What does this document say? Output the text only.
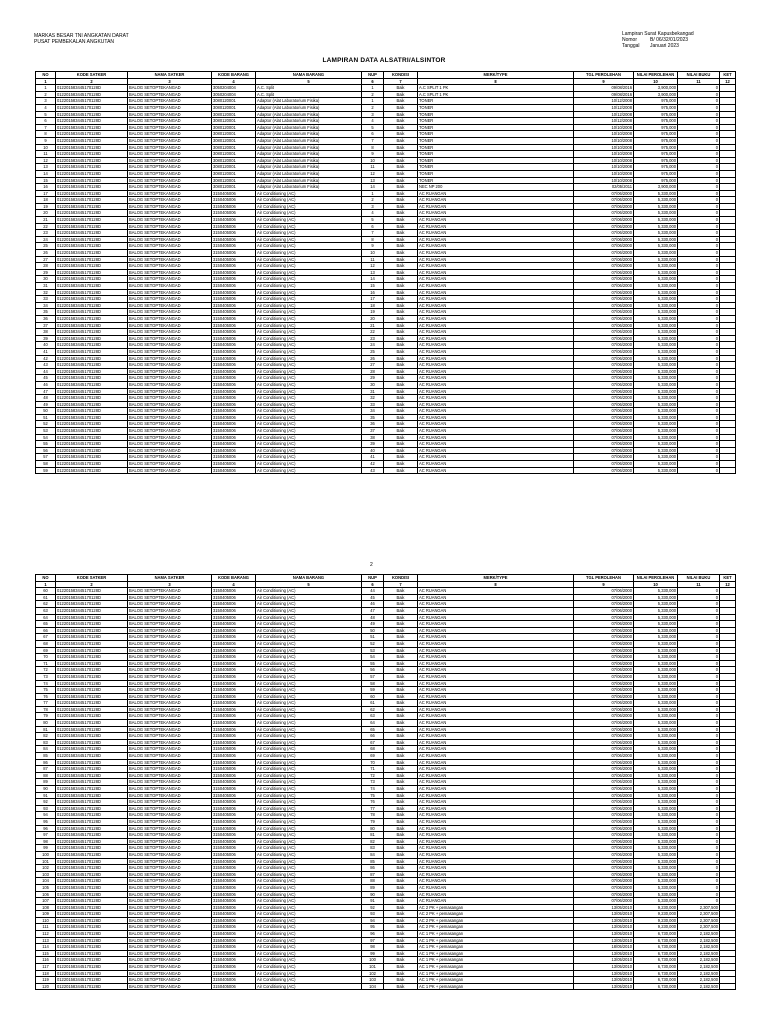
MARKAS BESAR TNI ANGKATAN DARAT
PUSAT PEMBEKALAN ANGKUTAN
Lampiran Surat Kapusbekangad
Nomor	B/ 06/32/01/2023
Tanggal Januari 2023
LAMPIRAN DATA ALSATRI/ALSINTOR
NO	KODE SATKER	NAMA SATKER	KODE BARANG	NAMA BARANG	NUP	KONDISI	MERK/TYPE	TGL PEROLEHAN	NILAI PEROLEHAN	NILAI BUKU	KET
1	2	3	4	5	6	7	8	9	10	11	12
1	012201583445170128D	BALOG SETOPTEKANGAD	3050204004	A.C. Split	1	Baik	A.C SPLIT 1 PK	09/08/2016	3,900,000	0	
2	012201583445170128D	BALOG SETOPTEKANGAD	3050204004	A.C. Split	2	Baik	A.C SPLIT 1 PK	09/08/2016	3,900,000	0	
3	012201583445170128D	BALOG SETOPTEKANGAD	3080120001	Adaptor (Alat Laboratorium Fisika)	1	Baik	TONER	10/12/2008	975,000	0	
4	012201583445170128D	BALOG SETOPTEKANGAD	3080120001	Adaptor (Alat Laboratorium Fisika)	2	Baik	TONER	10/12/2008	975,000	0	
5	012201583445170128D	BALOG SETOPTEKANGAD	3080120001	Adaptor (Alat Laboratorium Fisika)	3	Baik	TONER	10/12/2008	975,000	0	
6	012201583445170128D	BALOG SETOPTEKANGAD	3080120001	Adaptor (Alat Laboratorium Fisika)	4	Baik	TONER	10/12/2008	975,000	0	
7	012201583445170128D	BALOG SETOPTEKANGAD	3080120001	Adaptor (Alat Laboratorium Fisika)	5	Baik	TONER	10/10/2008	975,000	0	
8	012201583445170128D	BALOG SETOPTEKANGAD	3080120001	Adaptor (Alat Laboratorium Fisika)	6	Baik	TONER	10/10/2008	975,000	0	
9	012201583445170128D	BALOG SETOPTEKANGAD	3080120001	Adaptor (Alat Laboratorium Fisika)	7	Baik	TONER	10/10/2008	975,000	0	
10	012201583445170128D	BALOG SETOPTEKANGAD	3080120001	Adaptor (Alat Laboratorium Fisika)	8	Baik	TONER	10/10/2008	975,000	0	
11	012201583445170128D	BALOG SETOPTEKANGAD	3080120001	Adaptor (Alat Laboratorium Fisika)	9	Baik	TONER	10/10/2008	975,000	0	
12	012201583445170128D	BALOG SETOPTEKANGAD	3080120001	Adaptor (Alat Laboratorium Fisika)	10	Baik	TONER	10/10/2008	975,000	0	
13	012201583445170128D	BALOG SETOPTEKANGAD	3080120001	Adaptor (Alat Laboratorium Fisika)	11	Baik	TONER	10/10/2008	975,000	0	
14	012201583445170128D	BALOG SETOPTEKANGAD	3080120001	Adaptor (Alat Laboratorium Fisika)	12	Baik	TONER	10/10/2008	975,000	0	
15	012201583445170128D	BALOG SETOPTEKANGAD	3080120001	Adaptor (Alat Laboratorium Fisika)	13	Baik	TONER	10/10/2008	975,000	0	
16	012201583445170128D	BALOG SETOPTEKANGAD	3080120001	Adaptor (Alat Laboratorium Fisika)	14	Baik	NEC NP 200	02/05/2011	3,900,000	0	
17	012201583445170128D	BALOG SETOPTEKANGAD	3150405006	Air Conditioning (AC)	1	Baik	AC RUANGAN	07/06/2000	5,330,000	0	
18	012201583445170128D	BALOG SETOPTEKANGAD	3150405006	Air Conditioning (AC)	2	Baik	AC RUANGAN	07/06/2000	5,330,000	0	
19	012201583445170128D	BALOG SETOPTEKANGAD	3150405006	Air Conditioning (AC)	3	Baik	AC RUANGAN	07/06/2000	5,330,000	0	
20	012201583445170128D	BALOG SETOPTEKANGAD	3150405006	Air Conditioning (AC)	4	Baik	AC RUANGAN	07/06/2000	5,330,000	0	
21	012201583445170128D	BALOG SETOPTEKANGAD	3150405006	Air Conditioning (AC)	5	Baik	AC RUANGAN	07/06/2000	5,330,000	0	
22	012201583445170128D	BALOG SETOPTEKANGAD	3150405006	Air Conditioning (AC)	6	Baik	AC RUANGAN	07/06/2000	5,330,000	0	
23	012201583445170128D	BALOG SETOPTEKANGAD	3150405006	Air Conditioning (AC)	7	Baik	AC RUANGAN	07/06/2000	5,330,000	0	
24	012201583445170128D	BALOG SETOPTEKANGAD	3150405006	Air Conditioning (AC)	8	Baik	AC RUANGAN	07/06/2000	5,330,000	0	
25	012201583445170128D	BALOG SETOPTEKANGAD	3150405006	Air Conditioning (AC)	9	Baik	AC RUANGAN	07/06/2000	5,330,000	0	
26	012201583445170128D	BALOG SETOPTEKANGAD	3150405006	Air Conditioning (AC)	10	Baik	AC RUANGAN	07/06/2000	5,330,000	0	
27	012201583445170128D	BALOG SETOPTEKANGAD	3150405006	Air Conditioning (AC)	11	Baik	AC RUANGAN	07/06/2000	5,330,000	0	
28	012201583445170128D	BALOG SETOPTEKANGAD	3150405006	Air Conditioning (AC)	12	Baik	AC RUANGAN	07/06/2000	5,330,000	0	
29	012201583445170128D	BALOG SETOPTEKANGAD	3150405006	Air Conditioning (AC)	13	Baik	AC RUANGAN	07/06/2000	5,330,000	0	
30	012201583445170128D	BALOG SETOPTEKANGAD	3150405006	Air Conditioning (AC)	14	Baik	AC RUANGAN	07/06/2000	5,330,000	0	
31	012201583445170128D	BALOG SETOPTEKANGAD	3150405006	Air Conditioning (AC)	15	Baik	AC RUANGAN	07/06/2000	5,330,000	0	
32	012201583445170128D	BALOG SETOPTEKANGAD	3150405006	Air Conditioning (AC)	16	Baik	AC RUANGAN	07/06/2000	5,330,000	0	
33	012201583445170128D	BALOG SETOPTEKANGAD	3150405006	Air Conditioning (AC)	17	Baik	AC RUANGAN	07/06/2000	5,330,000	0	
34	012201583445170128D	BALOG SETOPTEKANGAD	3150405006	Air Conditioning (AC)	18	Baik	AC RUANGAN	07/06/2000	5,330,000	0	
35	012201583445170128D	BALOG SETOPTEKANGAD	3150405006	Air Conditioning (AC)	19	Baik	AC RUANGAN	07/06/2000	5,330,000	0	
36	012201583445170128D	BALOG SETOPTEKANGAD	3150405006	Air Conditioning (AC)	20	Baik	AC RUANGAN	07/06/2000	5,330,000	0	
37	012201583445170128D	BALOG SETOPTEKANGAD	3150405006	Air Conditioning (AC)	21	Baik	AC RUANGAN	07/06/2000	5,330,000	0	
38	012201583445170128D	BALOG SETOPTEKANGAD	3150405006	Air Conditioning (AC)	22	Baik	AC RUANGAN	07/06/2000	5,330,000	0	
39	012201583445170128D	BALOG SETOPTEKANGAD	3150405006	Air Conditioning (AC)	23	Baik	AC RUANGAN	07/06/2000	5,330,000	0	
40	012201583445170128D	BALOG SETOPTEKANGAD	3150405006	Air Conditioning (AC)	24	Baik	AC RUANGAN	07/06/2000	5,330,000	0	
41	012201583445170128D	BALOG SETOPTEKANGAD	3150405006	Air Conditioning (AC)	25	Baik	AC RUANGAN	07/06/2000	5,330,000	0	
42	012201583445170128D	BALOG SETOPTEKANGAD	3150405006	Air Conditioning (AC)	26	Baik	AC RUANGAN	07/06/2000	5,330,000	0	
43	012201583445170128D	BALOG SETOPTEKANGAD	3150405006	Air Conditioning (AC)	27	Baik	AC RUANGAN	07/06/2000	5,330,000	0	
44	012201583445170128D	BALOG SETOPTEKANGAD	3150405006	Air Conditioning (AC)	28	Baik	AC RUANGAN	07/06/2000	5,330,000	0	
45	012201583445170128D	BALOG SETOPTEKANGAD	3150405006	Air Conditioning (AC)	29	Baik	AC RUANGAN	07/06/2000	5,330,000	0	
46	012201583445170128D	BALOG SETOPTEKANGAD	3150405006	Air Conditioning (AC)	30	Baik	AC RUANGAN	07/06/2000	5,330,000	0	
47	012201583445170128D	BALOG SETOPTEKANGAD	3150405006	Air Conditioning (AC)	31	Baik	AC RUANGAN	07/06/2000	5,330,000	0	
48	012201583445170128D	BALOG SETOPTEKANGAD	3150405006	Air Conditioning (AC)	32	Baik	AC RUANGAN	07/06/2000	5,330,000	0	
49	012201583445170128D	BALOG SETOPTEKANGAD	3150405006	Air Conditioning (AC)	33	Baik	AC RUANGAN	07/06/2000	5,330,000	0	
50	012201583445170128D	BALOG SETOPTEKANGAD	3150405006	Air Conditioning (AC)	34	Baik	AC RUANGAN	07/06/2000	5,330,000	0	
51	012201583445170128D	BALOG SETOPTEKANGAD	3150405006	Air Conditioning (AC)	35	Baik	AC RUANGAN	07/06/2000	5,330,000	0	
52	012201583445170128D	BALOG SETOPTEKANGAD	3150405006	Air Conditioning (AC)	36	Baik	AC RUANGAN	07/06/2000	5,330,000	0	
53	012201583445170128D	BALOG SETOPTEKANGAD	3150405006	Air Conditioning (AC)	37	Baik	AC RUANGAN	07/06/2000	5,330,000	0	
54	012201583445170128D	BALOG SETOPTEKANGAD	3150405006	Air Conditioning (AC)	38	Baik	AC RUANGAN	07/06/2000	5,330,000	0	
55	012201583445170128D	BALOG SETOPTEKANGAD	3150405006	Air Conditioning (AC)	39	Baik	AC RUANGAN	07/06/2000	5,330,000	0	
56	012201583445170128D	BALOG SETOPTEKANGAD	3150405006	Air Conditioning (AC)	40	Baik	AC RUANGAN	07/06/2000	5,330,000	0	
57	012201583445170128D	BALOG SETOPTEKANGAD	3150405006	Air Conditioning (AC)	41	Baik	AC RUANGAN	07/06/2000	5,330,000	0	
58	012201583445170128D	BALOG SETOPTEKANGAD	3150405006	Air Conditioning (AC)	42	Baik	AC RUANGAN	07/06/2000	5,330,000	0	
59	012201583445170128D	BALOG SETOPTEKANGAD	3150405006	Air Conditioning (AC)	43	Baik	AC RUANGAN	07/06/2000	5,330,000	0	
2
NO	KODE SATKER	NAMA SATKER	KODE BARANG	NAMA BARANG	NUP	KONDISI	MERK/TYPE	TGL PEROLEHAN	NILAI PEROLEHAN	NILAI BUKU	KET
1	2	3	4	5	6	7	8	9	10	11	12
60	012201583445170128D	BALOG SETOPTEKANGAD	3150405006	Air Conditioning (AC)	44	Baik	AC RUANGAN	07/06/2000	5,330,000	0	
61	012201583445170128D	BALOG SETOPTEKANGAD	3150405006	Air Conditioning (AC)	45	Baik	AC RUANGAN	07/06/2000	5,330,000	0	
62	012201583445170128D	BALOG SETOPTEKANGAD	3150405006	Air Conditioning (AC)	46	Baik	AC RUANGAN	07/06/2000	5,330,000	0	
63	012201583445170128D	BALOG SETOPTEKANGAD	3150405006	Air Conditioning (AC)	47	Baik	AC RUANGAN	07/06/2000	5,330,000	0	
64	012201583445170128D	BALOG SETOPTEKANGAD	3150405006	Air Conditioning (AC)	48	Baik	AC RUANGAN	07/06/2000	5,330,000	0	
65	012201583445170128D	BALOG SETOPTEKANGAD	3150405006	Air Conditioning (AC)	49	Baik	AC RUANGAN	07/06/2000	5,330,000	0	
66	012201583445170128D	BALOG SETOPTEKANGAD	3150405006	Air Conditioning (AC)	50	Baik	AC RUANGAN	07/06/2000	5,330,000	0	
67	012201583445170128D	BALOG SETOPTEKANGAD	3150405006	Air Conditioning (AC)	51	Baik	AC RUANGAN	07/06/2000	5,330,000	0	
68	012201583445170128D	BALOG SETOPTEKANGAD	3150405006	Air Conditioning (AC)	52	Baik	AC RUANGAN	07/06/2000	5,330,000	0	
69	012201583445170128D	BALOG SETOPTEKANGAD	3150405006	Air Conditioning (AC)	53	Baik	AC RUANGAN	07/06/2000	5,330,000	0	
70	012201583445170128D	BALOG SETOPTEKANGAD	3150405006	Air Conditioning (AC)	54	Baik	AC RUANGAN	07/06/2000	5,330,000	0	
71	012201583445170128D	BALOG SETOPTEKANGAD	3150405006	Air Conditioning (AC)	55	Baik	AC RUANGAN	07/06/2000	5,330,000	0	
72	012201583445170128D	BALOG SETOPTEKANGAD	3150405006	Air Conditioning (AC)	56	Baik	AC RUANGAN	07/06/2000	5,330,000	0	
73	012201583445170128D	BALOG SETOPTEKANGAD	3150405006	Air Conditioning (AC)	57	Baik	AC RUANGAN	07/06/2000	5,330,000	0	
74	012201583445170128D	BALOG SETOPTEKANGAD	3150405006	Air Conditioning (AC)	58	Baik	AC RUANGAN	07/06/2000	5,330,000	0	
75	012201583445170128D	BALOG SETOPTEKANGAD	3150405006	Air Conditioning (AC)	59	Baik	AC RUANGAN	07/06/2000	5,330,000	0	
76	012201583445170128D	BALOG SETOPTEKANGAD	3150405006	Air Conditioning (AC)	60	Baik	AC RUANGAN	07/06/2000	5,330,000	0	
77	012201583445170128D	BALOG SETOPTEKANGAD	3150405006	Air Conditioning (AC)	61	Baik	AC RUANGAN	07/06/2000	5,330,000	0	
78	012201583445170128D	BALOG SETOPTEKANGAD	3150405006	Air Conditioning (AC)	62	Baik	AC RUANGAN	07/06/2000	5,330,000	0	
79	012201583445170128D	BALOG SETOPTEKANGAD	3150405006	Air Conditioning (AC)	63	Baik	AC RUANGAN	07/06/2000	5,330,000	0	
80	012201583445170128D	BALOG SETOPTEKANGAD	3150405006	Air Conditioning (AC)	64	Baik	AC RUANGAN	07/06/2000	5,330,000	0	
81	012201583445170128D	BALOG SETOPTEKANGAD	3150405006	Air Conditioning (AC)	65	Baik	AC RUANGAN	07/06/2000	5,330,000	0	
82	012201583445170128D	BALOG SETOPTEKANGAD	3150405006	Air Conditioning (AC)	66	Baik	AC RUANGAN	07/06/2000	5,330,000	0	
83	012201583445170128D	BALOG SETOPTEKANGAD	3150405006	Air Conditioning (AC)	67	Baik	AC RUANGAN	07/06/2000	5,330,000	0	
84	012201583445170128D	BALOG SETOPTEKANGAD	3150405006	Air Conditioning (AC)	68	Baik	AC RUANGAN	07/06/2000	5,330,000	0	
85	012201583445170128D	BALOG SETOPTEKANGAD	3150405006	Air Conditioning (AC)	69	Baik	AC RUANGAN	07/06/2000	5,330,000	0	
86	012201583445170128D	BALOG SETOPTEKANGAD	3150405006	Air Conditioning (AC)	70	Baik	AC RUANGAN	07/06/2000	5,330,000	0	
87	012201583445170128D	BALOG SETOPTEKANGAD	3150405006	Air Conditioning (AC)	71	Baik	AC RUANGAN	07/06/2000	5,330,000	0	
88	012201583445170128D	BALOG SETOPTEKANGAD	3150405006	Air Conditioning (AC)	72	Baik	AC RUANGAN	07/06/2000	5,330,000	0	
89	012201583445170128D	BALOG SETOPTEKANGAD	3150405006	Air Conditioning (AC)	73	Baik	AC RUANGAN	07/06/2000	5,330,000	0	
90	012201583445170128D	BALOG SETOPTEKANGAD	3150405006	Air Conditioning (AC)	74	Baik	AC RUANGAN	07/06/2000	5,330,000	0	
91	012201583445170128D	BALOG SETOPTEKANGAD	3150405006	Air Conditioning (AC)	75	Baik	AC RUANGAN	07/06/2000	5,330,000	0	
92	012201583445170128D	BALOG SETOPTEKANGAD	3150405006	Air Conditioning (AC)	76	Baik	AC RUANGAN	07/06/2000	5,330,000	0	
93	012201583445170128D	BALOG SETOPTEKANGAD	3150405006	Air Conditioning (AC)	77	Baik	AC RUANGAN	07/06/2000	5,330,000	0	
94	012201583445170128D	BALOG SETOPTEKANGAD	3150405006	Air Conditioning (AC)	78	Baik	AC RUANGAN	07/06/2000	5,330,000	0	
95	012201583445170128D	BALOG SETOPTEKANGAD	3150405006	Air Conditioning (AC)	79	Baik	AC RUANGAN	07/06/2000	5,330,000	0	
96	012201583445170128D	BALOG SETOPTEKANGAD	3150405006	Air Conditioning (AC)	80	Baik	AC RUANGAN	07/06/2000	5,330,000	0	
97	012201583445170128D	BALOG SETOPTEKANGAD	3150405006	Air Conditioning (AC)	81	Baik	AC RUANGAN	07/06/2000	5,330,000	0	
98	012201583445170128D	BALOG SETOPTEKANGAD	3150405006	Air Conditioning (AC)	82	Baik	AC RUANGAN	07/06/2000	5,330,000	0	
99	012201583445170128D	BALOG SETOPTEKANGAD	3150405006	Air Conditioning (AC)	83	Baik	AC RUANGAN	07/06/2000	5,330,000	0	
100	012201583445170128D	BALOG SETOPTEKANGAD	3150405006	Air Conditioning (AC)	84	Baik	AC RUANGAN	07/06/2000	5,330,000	0	
101	012201583445170128D	BALOG SETOPTEKANGAD	3150405006	Air Conditioning (AC)	85	Baik	AC RUANGAN	07/06/2000	5,330,000	0	
102	012201583445170128D	BALOG SETOPTEKANGAD	3150405006	Air Conditioning (AC)	86	Baik	AC RUANGAN	07/06/2000	5,330,000	0	
103	012201583445170128D	BALOG SETOPTEKANGAD	3150405006	Air Conditioning (AC)	87	Baik	AC RUANGAN	07/06/2000	5,330,000	0	
104	012201583445170128D	BALOG SETOPTEKANGAD	3150405006	Air Conditioning (AC)	88	Baik	AC RUANGAN	07/06/2000	5,330,000	0	
105	012201583445170128D	BALOG SETOPTEKANGAD	3150405006	Air Conditioning (AC)	89	Baik	AC RUANGAN	07/06/2000	5,330,000	0	
106	012201583445170128D	BALOG SETOPTEKANGAD	3150405006	Air Conditioning (AC)	90	Baik	AC RUANGAN	07/06/2000	5,330,000	0	
107	012201583445170128D	BALOG SETOPTEKANGAD	3150405006	Air Conditioning (AC)	91	Baik	AC RUANGAN	07/06/2000	5,330,000	0	
108	012201583445170128D	BALOG SETOPTEKANGAD	3150405006	Air Conditioning (AC)	92	Baik	AC 2 PK + pemasangan	13/05/2010	9,230,000	2,307,500	
109	012201583445170128D	BALOG SETOPTEKANGAD	3150405006	Air Conditioning (AC)	93	Baik	AC 2 PK + pemasangan	13/05/2010	9,230,000	2,307,500	
110	012201583445170128D	BALOG SETOPTEKANGAD	3150405006	Air Conditioning (AC)	94	Baik	AC 2 PK + pemasangan	13/05/2010	9,230,000	2,307,500	
111	012201583445170128D	BALOG SETOPTEKANGAD	3150405006	Air Conditioning (AC)	95	Baik	AC 2 PK + pemasangan	13/05/2010	9,230,000	2,307,500	
112	012201583445170128D	BALOG SETOPTEKANGAD	3150405006	Air Conditioning (AC)	96	Baik	AC 1 PK + pemasangan	13/05/2010	6,730,000	2,182,500	
113	012201583445170128D	BALOG SETOPTEKANGAD	3150405006	Air Conditioning (AC)	97	Baik	AC 1 PK + pemasangan	13/05/2010	6,730,000	2,182,500	
114	012201583445170128D	BALOG SETOPTEKANGAD	3150405006	Air Conditioning (AC)	98	Baik	AC 1 PK + pemasangan	18/05/2010	6,730,000	2,182,500	
115	012201583445170128D	BALOG SETOPTEKANGAD	3150405006	Air Conditioning (AC)	99	Baik	AC 1 PK + pemasangan	13/05/2010	6,730,000	2,182,500	
116	012201583445170128D	BALOG SETOPTEKANGAD	3150405006	Air Conditioning (AC)	100	Baik	AC 1 PK + pemasangan	13/05/2010	6,730,000	2,182,500	
117	012201583445170128D	BALOG SETOPTEKANGAD	3150405006	Air Conditioning (AC)	101	Baik	AC 1 PK + pemasangan	13/05/2010	6,730,000	2,182,500	
118	012201583445170128D	BALOG SETOPTEKANGAD	3150405006	Air Conditioning (AC)	102	Baik	AC 1 PK + pemasangan	13/05/2010	6,730,000	2,182,500	
119	012201583445170128D	BALOG SETOPTEKANGAD	3150405006	Air Conditioning (AC)	103	Baik	AC 1 PK + pemasangan	13/05/2010	6,730,000	2,182,500	
120	012201583445170128D	BALOG SETOPTEKANGAD	3150405006	Air Conditioning (AC)	104	Baik	AC 1 PK + pemasangan	13/05/2010	6,730,000	2,182,500	
